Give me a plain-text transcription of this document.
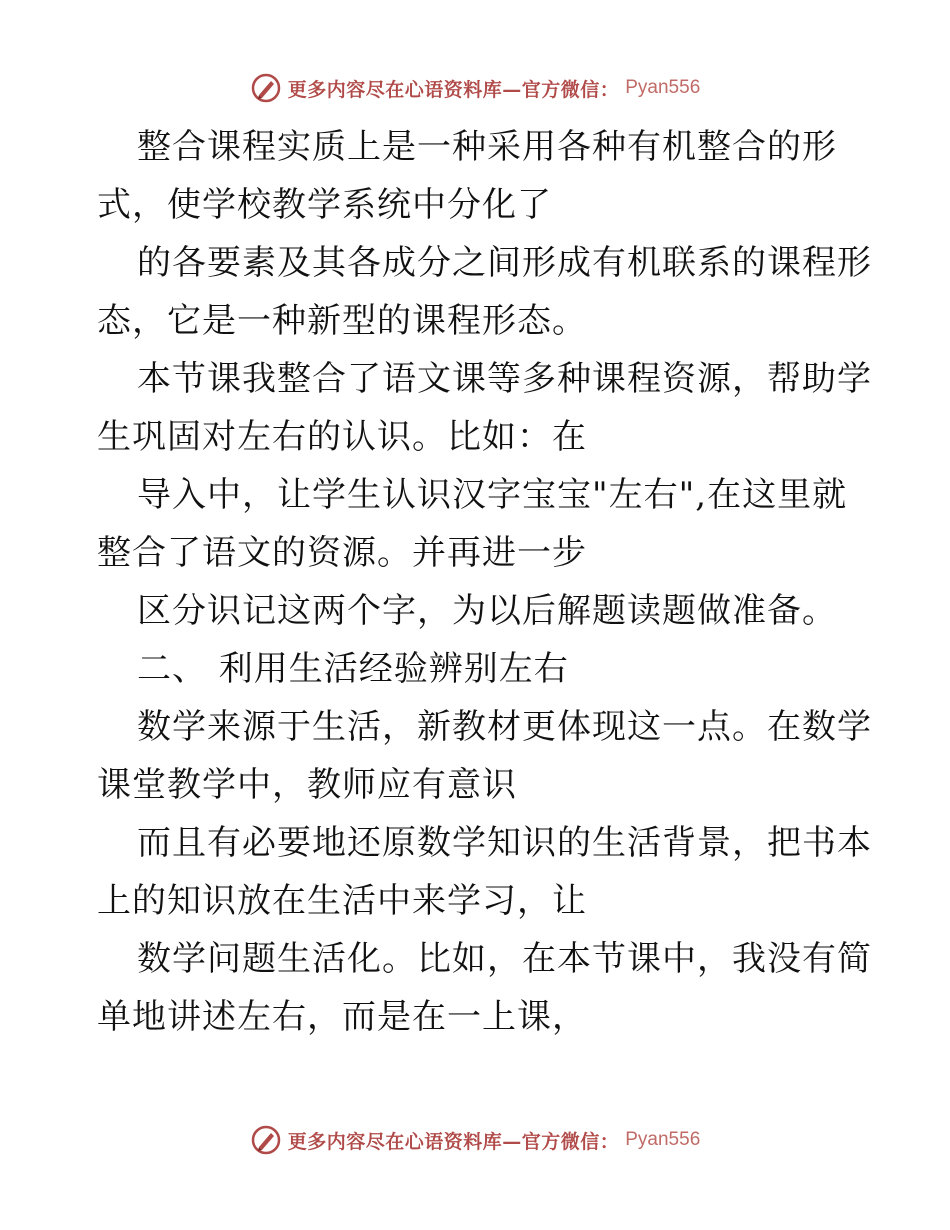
更多内容尽在心语资料库—官方微信： Pyan556
整合课程实质上是一种采用各种有机整合的形
式，使学校教学系统中分化了
的各要素及其各成分之间形成有机联系的课程形
态，它是一种新型的课程形态。
本节课我整合了语文课等多种课程资源，帮助学
生巩固对左右的认识。比如：在
导入中，让学生认识汉字宝宝"左右",在这里就
整合了语文的资源。并再进一步
区分识记这两个字，为以后解题读题做准备。
二、 利用生活经验辨别左右
数学来源于生活，新教材更体现这一点。在数学
课堂教学中，教师应有意识
而且有必要地还原数学知识的生活背景，把书本
上的知识放在生活中来学习，让
数学问题生活化。比如，在本节课中，我没有简
单地讲述左右，而是在一上课，
更多内容尽在心语资料库—官方微信： Pyan556
